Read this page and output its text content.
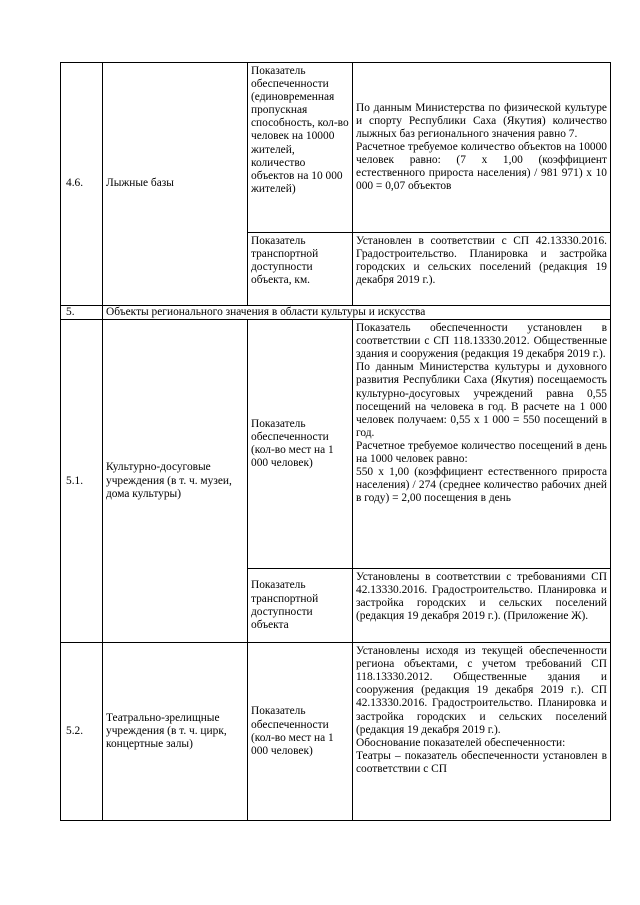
4.6.	Лыжные базы	Показатель обеспеченности (единовременная пропускная способность, кол-во человек на 10000 жителей, количество объектов на 10 000 жителей)	По данным Министерства по физической культуре и спорту Республики Саха (Якутия) количество лыжных баз регионального значения равно 7.
Расчетное требуемое количество объектов на 10000 человек равно: (7 х 1,00 (коэффициент естественного прироста населения) / 981 971) х 10 000 = 0,07 объектов

		Показатель транспортной доступности объекта, км.	Установлен в соответствии с СП 42.13330.2016. Градостроительство. Планировка и застройка городских и сельских поселений (редакция 19 декабря 2019 г.).
5.	Объекты регионального значения в области культуры и искусства		
5.1.	Культурно-досуговые учреждения (в т. ч. музеи, дома культуры)	Показатель обеспеченности (кол-во мест на 1 000 человек)	Показатель обеспеченности установлен в соответствии с СП 118.13330.2012. Общественные здания и сооружения (редакция 19 декабря 2019 г.).
По данным Министерства культуры и духовного развития Республики Саха (Якутия) посещаемость культурно-досуговых учреждений равна 0,55 посещений на человека в год. В расчете на 1 000 человек получаем: 0,55 х 1 000 = 550 посещений в год.
Расчетное требуемое количество посещений в день на 1000 человек равно:
550 х 1,00 (коэффициент естественного прироста населения) / 274 (среднее количество рабочих дней в году) = 2,00 посещения в день

		Показатель транспортной доступности объекта	Установлены в соответствии с требованиями СП 42.13330.2016. Градостроительство. Планировка и застройка городских и сельских поселений (редакция 19 декабря 2019 г.). (Приложение Ж).
5.2.	Театрально-зрелищные учреждения (в т. ч. цирк, концертные залы)	Показатель обеспеченности (кол-во мест на 1 000 человек)	Установлены исходя из текущей обеспеченности региона объектами, с учетом требований СП 118.13330.2012. Общественные здания и сооружения (редакция 19 декабря 2019 г.). СП 42.13330.2016. Градостроительство. Планировка и застройка городских и сельских поселений (редакция 19 декабря 2019 г.).
Обоснование показателей обеспеченности:
Театры – показатель обеспеченности установлен в соответствии с СП
